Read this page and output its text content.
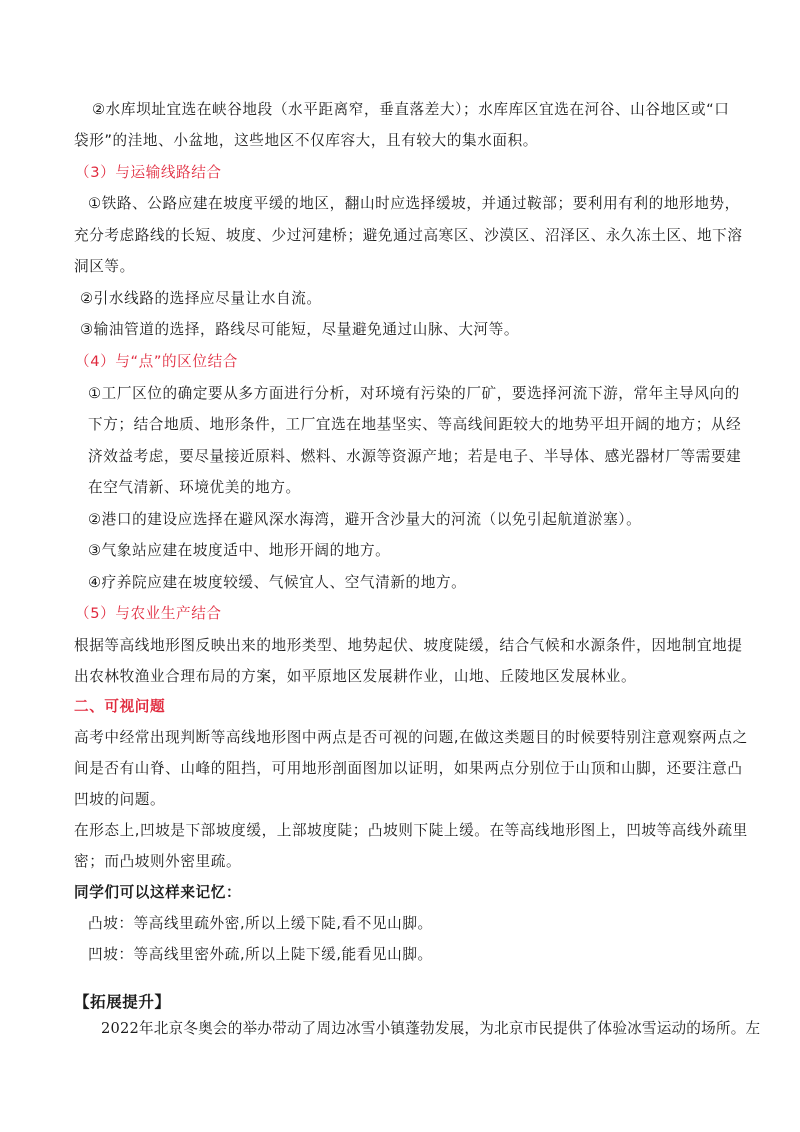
②水库坝址宜选在峡谷地段（水平距离窄，垂直落差大）；水库库区宜选在河谷、山谷地区或“口
袋形”的洼地、小盆地，这些地区不仅库容大，且有较大的集水面积。
（3）与运输线路结合
①铁路、公路应建在坡度平缓的地区，翻山时应选择缓坡，并通过鞍部；要利用有利的地形地势，
充分考虑路线的长短、坡度、少过河建桥；避免通过高寒区、沙漠区、沼泽区、永久冻土区、地下溶
洞区等。
②引水线路的选择应尽量让水自流。
③输油管道的选择，路线尽可能短，尽量避免通过山脉、大河等。
（4）与“点”的区位结合
①工厂区位的确定要从多方面进行分析，对环境有污染的厂矿，要选择河流下游，常年主导风向的
下方；结合地质、地形条件，工厂宜选在地基坚实、等高线间距较大的地势平坦开阔的地方；从经
济效益考虑，要尽量接近原料、燃料、水源等资源产地；若是电子、半导体、感光器材厂等需要建
在空气清新、环境优美的地方。
②港口的建设应选择在避风深水海湾，避开含沙量大的河流（以免引起航道淤塞）。
③气象站应建在坡度适中、地形开阔的地方。
④疗养院应建在坡度较缓、气候宜人、空气清新的地方。
（5）与农业生产结合
根据等高线地形图反映出来的地形类型、地势起伏、坡度陡缓，结合气候和水源条件，因地制宜地提
出农林牧渔业合理布局的方案，如平原地区发展耕作业，山地、丘陵地区发展林业。
二、可视问题
高考中经常出现判断等高线地形图中两点是否可视的问题,在做这类题目的时候要特别注意观察两点之
间是否有山脊、山峰的阻挡，可用地形剖面图加以证明，如果两点分别位于山顶和山脚，还要注意凸
凹坡的问题。
在形态上,凹坡是下部坡度缓，上部坡度陡；凸坡则下陡上缓。在等高线地形图上，凹坡等高线外疏里
密；而凸坡则外密里疏。
同学们可以这样来记忆：
凸坡：等高线里疏外密,所以上缓下陡,看不见山脚。
凹坡：等高线里密外疏,所以上陡下缓,能看见山脚。
【拓展提升】
2022年北京冬奥会的举办带动了周边冰雪小镇蓬勃发展，为北京市民提供了体验冰雪运动的场所。左
